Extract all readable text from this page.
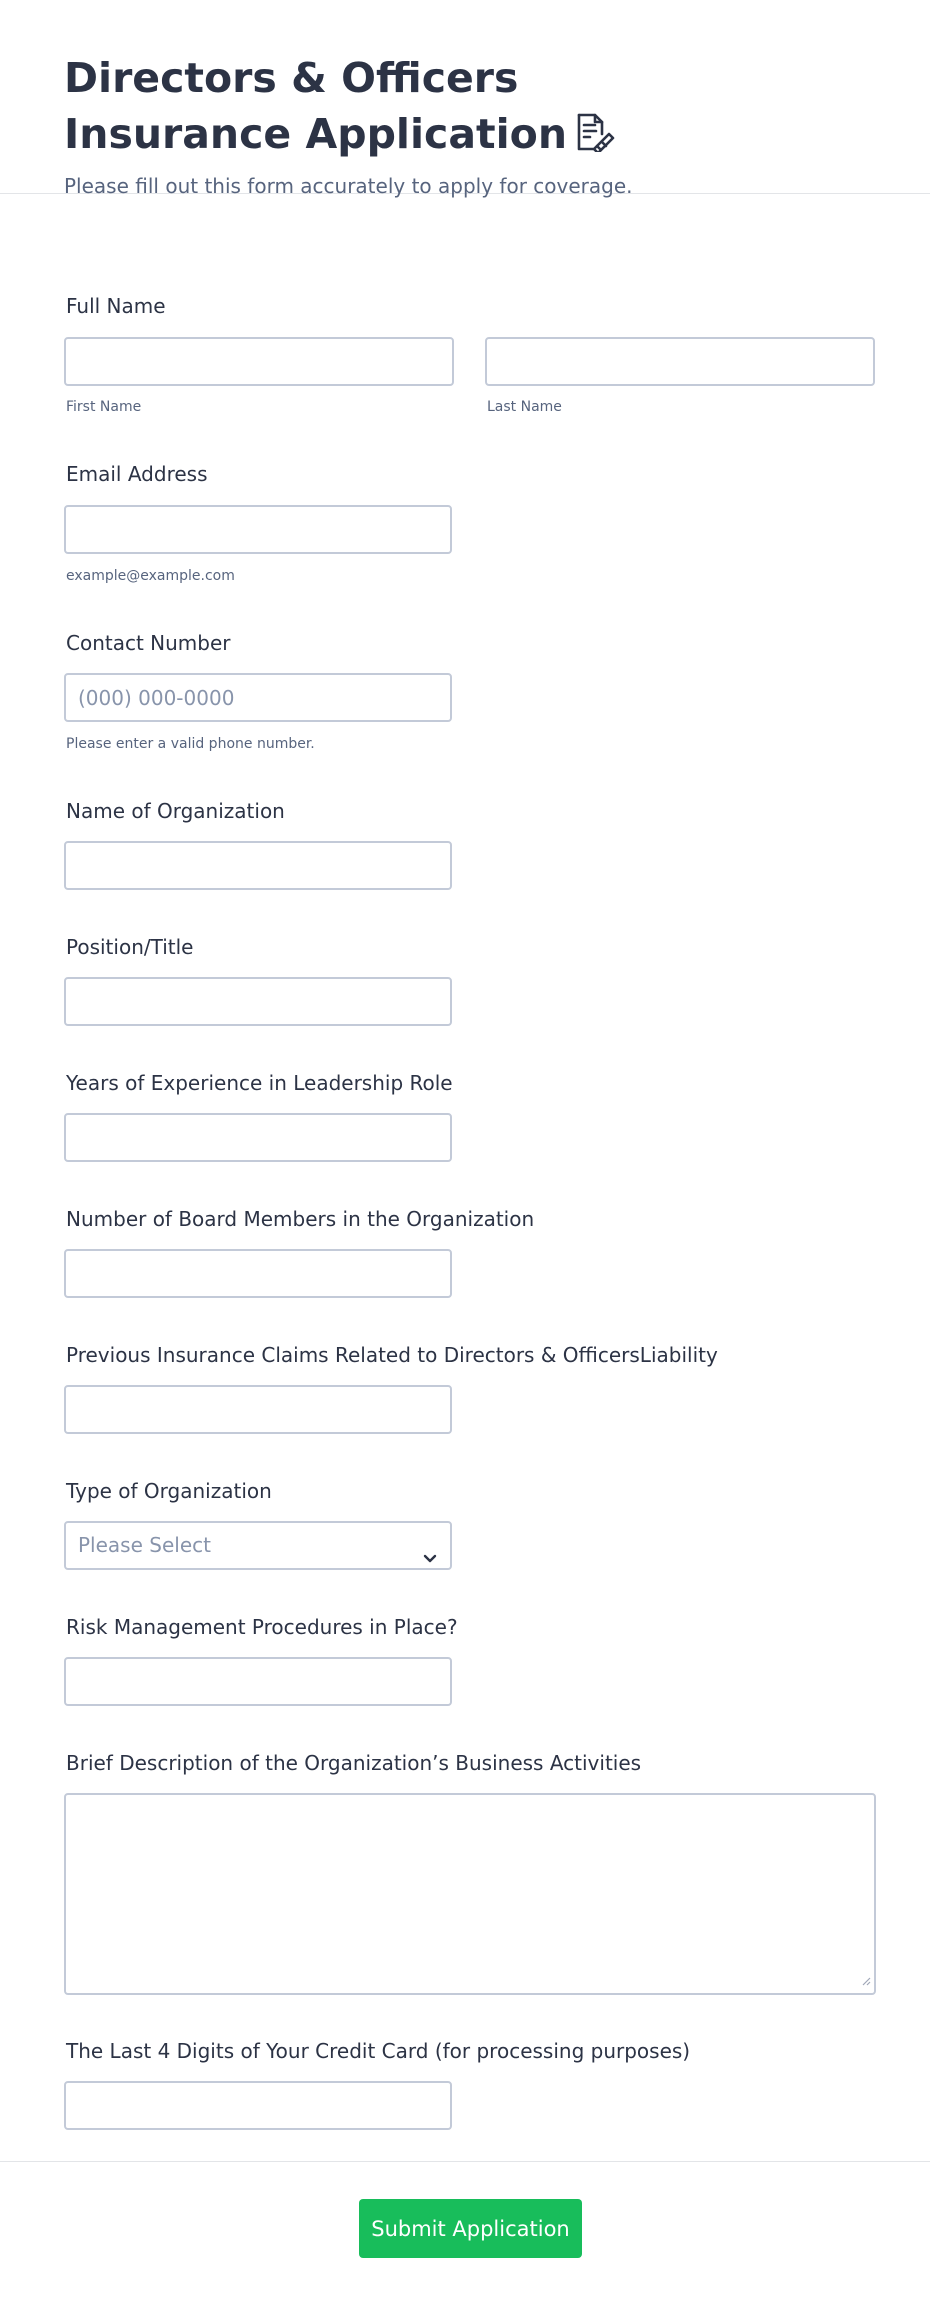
Directors & Officers Insurance Application
Please fill out this form accurately to apply for coverage.
Full Name
First Name	Last Name
Email Address
example@example.com
Contact Number
(000) 000-0000
Please enter a valid phone number.
Name of Organization
Position/Title
Years of Experience in Leadership Role
Number of Board Members in the Organization
Previous Insurance Claims Related to Directors & OfficersLiability
Type of Organization
Please Select
Risk Management Procedures in Place?
Brief Description of the Organization’s Business Activities
The Last 4 Digits of Your Credit Card (for processing purposes)
Submit Application
